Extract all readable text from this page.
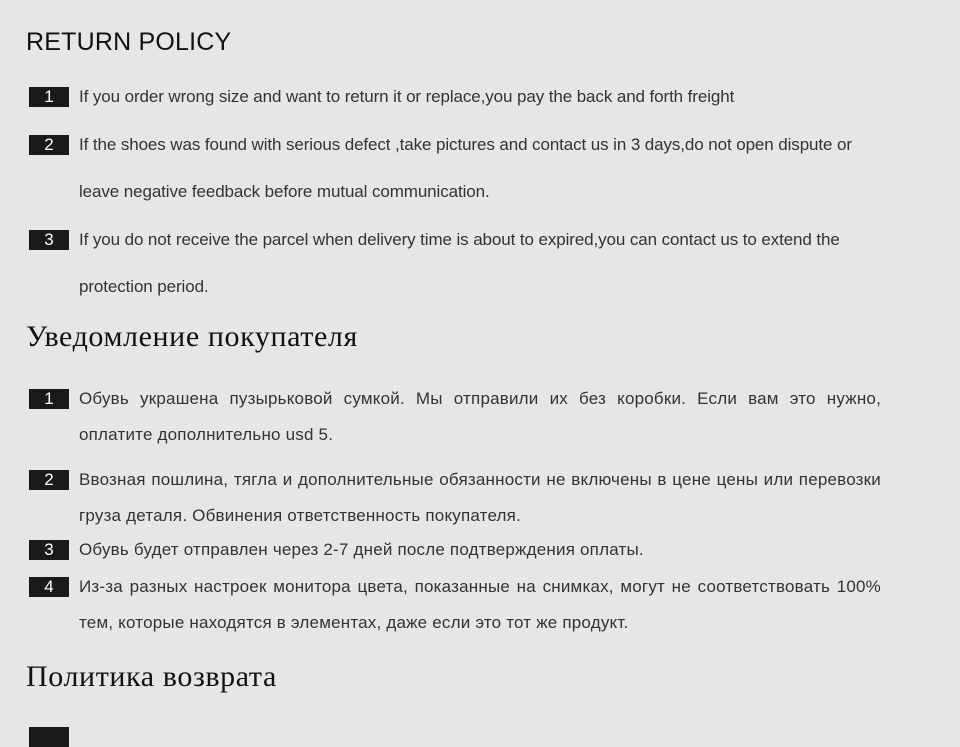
RETURN POLICY
1	If you order wrong size and want to return it or replace,you pay the back and forth freight
2	If the shoes was found with serious defect ,take pictures and contact us in 3 days,do not open dispute or leave negative feedback before mutual communication.
3	If you do not receive the parcel when delivery time is about to expired,you can contact us to extend the protection period.
Уведомление покупателя
1	Обувь украшена пузырьковой сумкой. Мы отправили их без коробки. Если вам это нужно, оплатите дополнительно usd 5.
2	Ввозная пошлина, тягла и дополнительные обязанности не включены в цене цены или перевозки груза деталя. Обвинения ответственность покупателя.
3	Обувь будет отправлен через 2-7 дней после подтверждения оплаты.
4	Из-за разных настроек монитора цвета, показанные на снимках, могут не соответствовать 100% тем, которые находятся в элементах, даже если это тот же продукт.
Политика возврата
